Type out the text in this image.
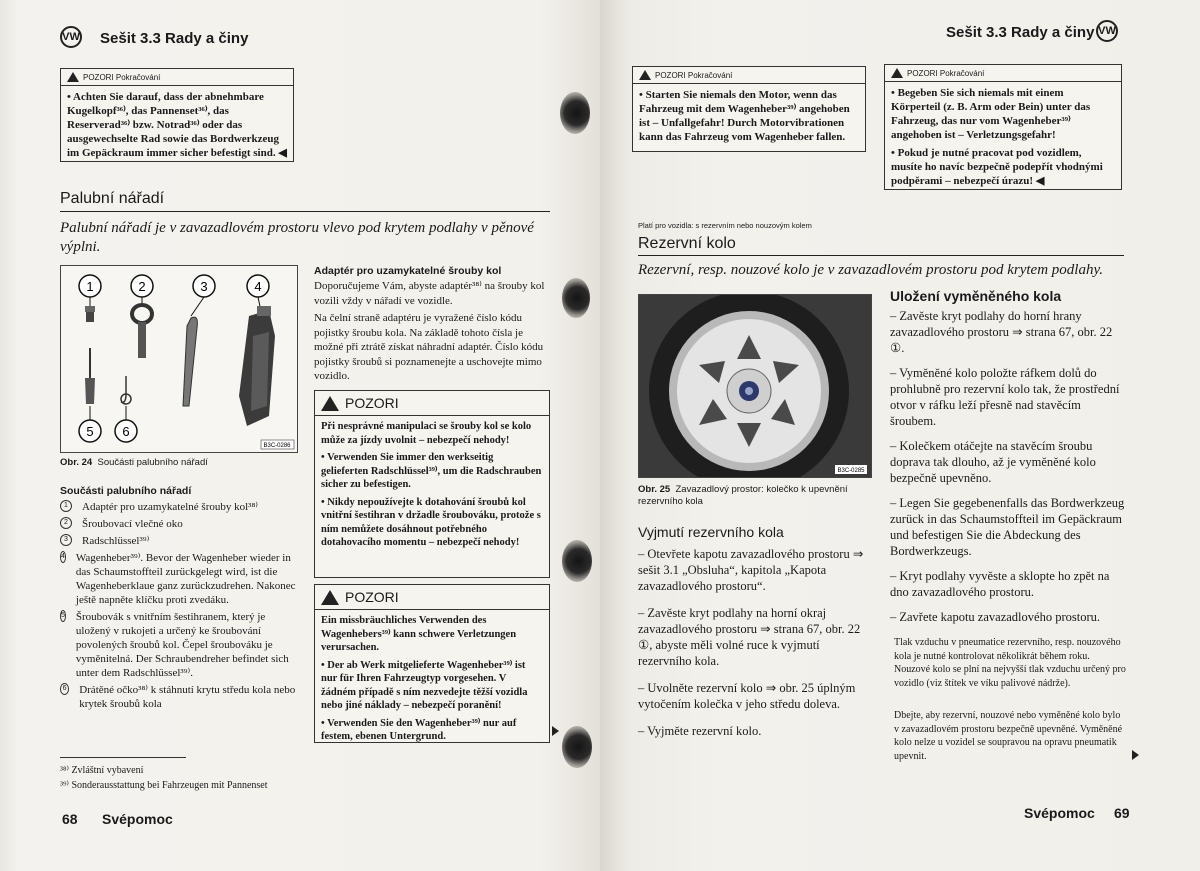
VW Sešit 3.3 Rady a činy
POZORI Pokračování
• Achten Sie darauf, dass der abnehmbare Kugelkopf³⁶⁾, das Pannenset³⁶⁾, das Reserverad³⁶⁾ bzw. Notrad³⁶⁾ oder das ausgewechselte Rad sowie das Bordwerkzeug im Gepäckraum immer sicher befestigt sind. ◀
Palubní nářadí
Palubní nářadí je v zavazadlovém prostoru vlevo pod krytem podlahy v pěnové výplni.
1	2	3	4
5 6
B3C-0286
Obr. 24 Součásti palubního nářadí
Součásti palubního nářadí
1	Adaptér pro uzamykatelné šrouby kol³⁸⁾
2	Šroubovací vlečné oko
3	Radschlüssel³⁹⁾
4 Wagenheber³⁹⁾. Bevor der Wagenheber wieder in das Schaumstoffteil zurückgelegt wird, ist die Wagenheberklaue ganz zurückzudrehen. Nakonec ještě napněte klíčku proti zvedáku.
5 Šroubovák s vnitřním šestihranem, který je uložený v rukojeti a určený ke šroubování povolených šroubů kol. Čepel šroubováku je vyměnitelná. Der Schraubendreher befindet sich unter dem Radschlüssel³⁹⁾.
6 Drátěné očko³⁸⁾ k stáhnutí krytu středu kola nebo krytek šroubů kola
Adaptér pro uzamykatelné šrouby kol
Doporučujeme Vám, abyste adaptér³⁸⁾ na šrouby kol vozili vždy v nářadí ve vozidle.
Na čelní straně adaptéru je vyražené číslo kódu pojistky šroubu kola. Na základě tohoto čísla je možné při ztrátě získat náhradní adaptér. Číslo kódu pojistky šroubů si poznamenejte a uschovejte mimo vozidlo.
POZORI

Při nesprávné manipulaci se šrouby kol se kolo může za jízdy uvolnit – nebezpečí nehody!

• Verwenden Sie immer den werkseitig gelieferten Radschlüssel³⁹⁾, um die Radschrauben sicher zu befestigen.

• Nikdy nepoužívejte k dotahování šroubů kol vnitřní šestihran v držadle šroubováku, protože s ním nemůžete dosáhnout potřebného dotahovacího momentu – nebezpečí nehody!

POZORI

Ein missbräuchliches Verwenden des Wagenhebers³⁹⁾ kann schwere Verletzungen verursachen.

• Der ab Werk mitgelieferte Wagenheber³⁹⁾ ist nur für Ihren Fahrzeugtyp vorgesehen. V žádném případě s ním nezvedejte těžší vozidla nebo jiné náklady – nebezpečí poranění!

• Verwenden Sie den Wagenheber³⁹⁾ nur auf festem, ebenen Untergrund.

³⁸⁾ Zvláštní vybavení
³⁹⁾ Sonderausstattung bei Fahrzeugen mit Pannenset
68 Svépomoc
Sešit 3.3 Rady a činy VW
POZORI Pokračování
• Starten Sie niemals den Motor, wenn das Fahrzeug mit dem Wagenheber³⁹⁾ angehoben ist – Unfallgefahr! Durch Motorvibrationen kann das Fahrzeug vom Wagenheber fallen.
POZORI Pokračování

• Begeben Sie sich niemals mit einem Körperteil (z. B. Arm oder Bein) unter das Fahrzeug, das nur vom Wagenheber³⁹⁾ angehoben ist – Verletzungsgefahr!

• Pokud je nutné pracovat pod vozidlem, musíte ho navíc bezpečně podepřít vhodnými podpěrami – nebezpečí úrazu! ◀

Platí pro vozidla: s rezervním nebo nouzovým kolem
Rezervní kolo
Rezervní, resp. nouzové kolo je v zavazadlovém prostoru pod krytem podlahy.
B3C-0285
Obr. 25 Zavazadlový prostor: kolečko k upevnění rezervního kola
Vyjmutí rezervního kola
– Otevřete kapotu zavazadlového prostoru ⇒ sešit 3.1 „Obsluha“, kapitola „Kapota zavazadlového prostoru“.
– Zavěste kryt podlahy na horní okraj zavazadlového prostoru ⇒ strana 67, obr. 22 ①, abyste měli volné ruce k vyjmutí rezervního kola.
– Uvolněte rezervní kolo ⇒ obr. 25 úplným vytočením kolečka v jeho středu doleva.
– Vyjměte rezervní kolo.
Uložení vyměněného kola
– Zavěste kryt podlahy do horní hrany zavazadlového prostoru ⇒ strana 67, obr. 22 ①.
– Vyměněné kolo položte ráfkem dolů do prohlubně pro rezervní kolo tak, že prostřední otvor v ráfku leží přesně nad stavěcím šroubem.
– Kolečkem otáčejte na stavěcím šroubu doprava tak dlouho, až je vyměněné kolo bezpečně upevněno.
– Legen Sie gegebenenfalls das Bordwerkzeug zurück in das Schaumstoffteil im Gepäckraum und befestigen Sie die Abdeckung des Bordwerkzeugs.
– Kryt podlahy vyvěste a sklopte ho zpět na dno zavazadlového prostoru.
– Zavřete kapotu zavazadlového prostoru.
Tlak vzduchu v pneumatice rezervního, resp. nouzového kola je nutné kontrolovat několikrát během roku. Nouzové kolo se plní na nejvyšší tlak vzduchu určený pro vozidlo (viz štítek ve víku palivové nádrže).
Dbejte, aby rezervní, nouzové nebo vyměněné kolo bylo v zavazadlovém prostoru bezpečně upevněné. Vyměněné kolo nelze u vozidel se soupravou na opravu pneumatik upevnit.
Svépomoc 69
